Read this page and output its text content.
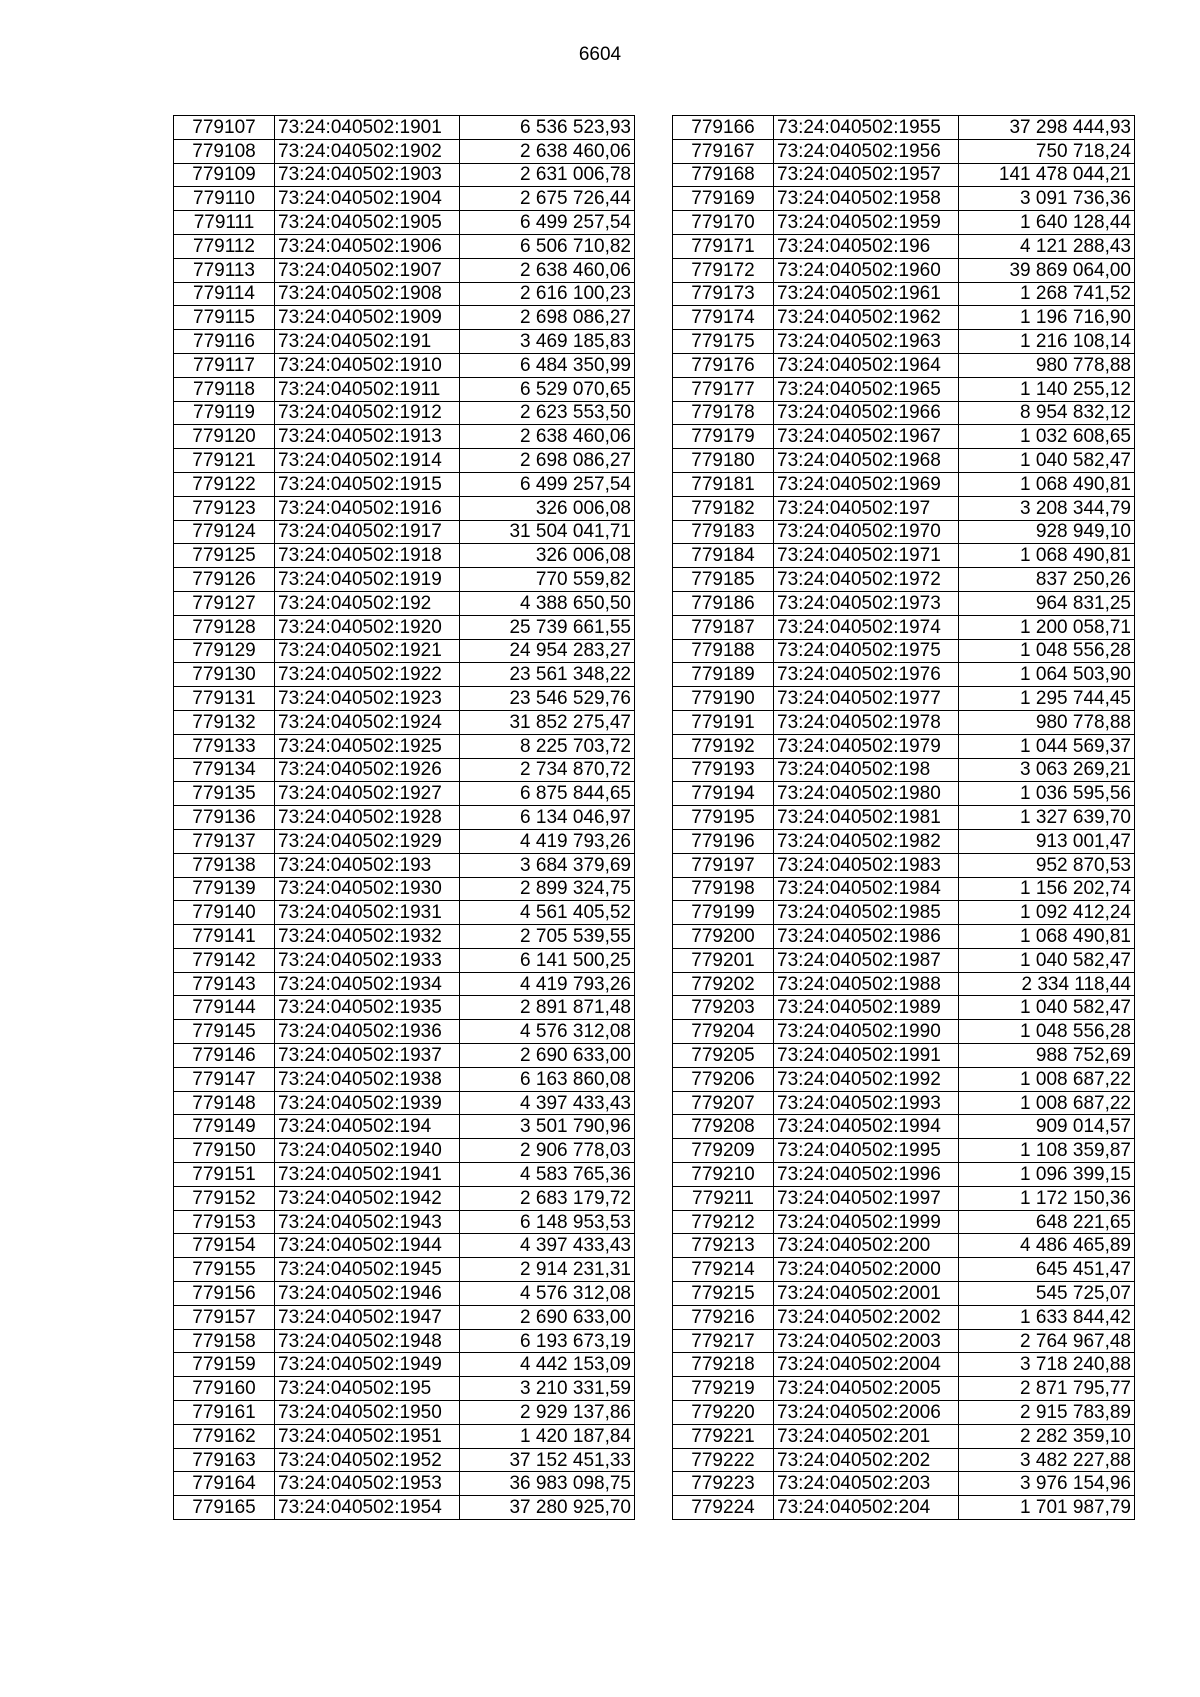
6604
779107	73:24:040502:1901	6 536 523,93
779108	73:24:040502:1902	2 638 460,06
779109	73:24:040502:1903	2 631 006,78
779110	73:24:040502:1904	2 675 726,44
779111	73:24:040502:1905	6 499 257,54
779112	73:24:040502:1906	6 506 710,82
779113	73:24:040502:1907	2 638 460,06
779114	73:24:040502:1908	2 616 100,23
779115	73:24:040502:1909	2 698 086,27
779116	73:24:040502:191	3 469 185,83
779117	73:24:040502:1910	6 484 350,99
779118	73:24:040502:1911	6 529 070,65
779119	73:24:040502:1912	2 623 553,50
779120	73:24:040502:1913	2 638 460,06
779121	73:24:040502:1914	2 698 086,27
779122	73:24:040502:1915	6 499 257,54
779123	73:24:040502:1916	326 006,08
779124	73:24:040502:1917	31 504 041,71
779125	73:24:040502:1918	326 006,08
779126	73:24:040502:1919	770 559,82
779127	73:24:040502:192	4 388 650,50
779128	73:24:040502:1920	25 739 661,55
779129	73:24:040502:1921	24 954 283,27
779130	73:24:040502:1922	23 561 348,22
779131	73:24:040502:1923	23 546 529,76
779132	73:24:040502:1924	31 852 275,47
779133	73:24:040502:1925	8 225 703,72
779134	73:24:040502:1926	2 734 870,72
779135	73:24:040502:1927	6 875 844,65
779136	73:24:040502:1928	6 134 046,97
779137	73:24:040502:1929	4 419 793,26
779138	73:24:040502:193	3 684 379,69
779139	73:24:040502:1930	2 899 324,75
779140	73:24:040502:1931	4 561 405,52
779141	73:24:040502:1932	2 705 539,55
779142	73:24:040502:1933	6 141 500,25
779143	73:24:040502:1934	4 419 793,26
779144	73:24:040502:1935	2 891 871,48
779145	73:24:040502:1936	4 576 312,08
779146	73:24:040502:1937	2 690 633,00
779147	73:24:040502:1938	6 163 860,08
779148	73:24:040502:1939	4 397 433,43
779149	73:24:040502:194	3 501 790,96
779150	73:24:040502:1940	2 906 778,03
779151	73:24:040502:1941	4 583 765,36
779152	73:24:040502:1942	2 683 179,72
779153	73:24:040502:1943	6 148 953,53
779154	73:24:040502:1944	4 397 433,43
779155	73:24:040502:1945	2 914 231,31
779156	73:24:040502:1946	4 576 312,08
779157	73:24:040502:1947	2 690 633,00
779158	73:24:040502:1948	6 193 673,19
779159	73:24:040502:1949	4 442 153,09
779160	73:24:040502:195	3 210 331,59
779161	73:24:040502:1950	2 929 137,86
779162	73:24:040502:1951	1 420 187,84
779163	73:24:040502:1952	37 152 451,33
779164	73:24:040502:1953	36 983 098,75
779165	73:24:040502:1954	37 280 925,70
779166	73:24:040502:1955	37 298 444,93
779167	73:24:040502:1956	750 718,24
779168	73:24:040502:1957	141 478 044,21
779169	73:24:040502:1958	3 091 736,36
779170	73:24:040502:1959	1 640 128,44
779171	73:24:040502:196	4 121 288,43
779172	73:24:040502:1960	39 869 064,00
779173	73:24:040502:1961	1 268 741,52
779174	73:24:040502:1962	1 196 716,90
779175	73:24:040502:1963	1 216 108,14
779176	73:24:040502:1964	980 778,88
779177	73:24:040502:1965	1 140 255,12
779178	73:24:040502:1966	8 954 832,12
779179	73:24:040502:1967	1 032 608,65
779180	73:24:040502:1968	1 040 582,47
779181	73:24:040502:1969	1 068 490,81
779182	73:24:040502:197	3 208 344,79
779183	73:24:040502:1970	928 949,10
779184	73:24:040502:1971	1 068 490,81
779185	73:24:040502:1972	837 250,26
779186	73:24:040502:1973	964 831,25
779187	73:24:040502:1974	1 200 058,71
779188	73:24:040502:1975	1 048 556,28
779189	73:24:040502:1976	1 064 503,90
779190	73:24:040502:1977	1 295 744,45
779191	73:24:040502:1978	980 778,88
779192	73:24:040502:1979	1 044 569,37
779193	73:24:040502:198	3 063 269,21
779194	73:24:040502:1980	1 036 595,56
779195	73:24:040502:1981	1 327 639,70
779196	73:24:040502:1982	913 001,47
779197	73:24:040502:1983	952 870,53
779198	73:24:040502:1984	1 156 202,74
779199	73:24:040502:1985	1 092 412,24
779200	73:24:040502:1986	1 068 490,81
779201	73:24:040502:1987	1 040 582,47
779202	73:24:040502:1988	2 334 118,44
779203	73:24:040502:1989	1 040 582,47
779204	73:24:040502:1990	1 048 556,28
779205	73:24:040502:1991	988 752,69
779206	73:24:040502:1992	1 008 687,22
779207	73:24:040502:1993	1 008 687,22
779208	73:24:040502:1994	909 014,57
779209	73:24:040502:1995	1 108 359,87
779210	73:24:040502:1996	1 096 399,15
779211	73:24:040502:1997	1 172 150,36
779212	73:24:040502:1999	648 221,65
779213	73:24:040502:200	4 486 465,89
779214	73:24:040502:2000	645 451,47
779215	73:24:040502:2001	545 725,07
779216	73:24:040502:2002	1 633 844,42
779217	73:24:040502:2003	2 764 967,48
779218	73:24:040502:2004	3 718 240,88
779219	73:24:040502:2005	2 871 795,77
779220	73:24:040502:2006	2 915 783,89
779221	73:24:040502:201	2 282 359,10
779222	73:24:040502:202	3 482 227,88
779223	73:24:040502:203	3 976 154,96
779224	73:24:040502:204	1 701 987,79
